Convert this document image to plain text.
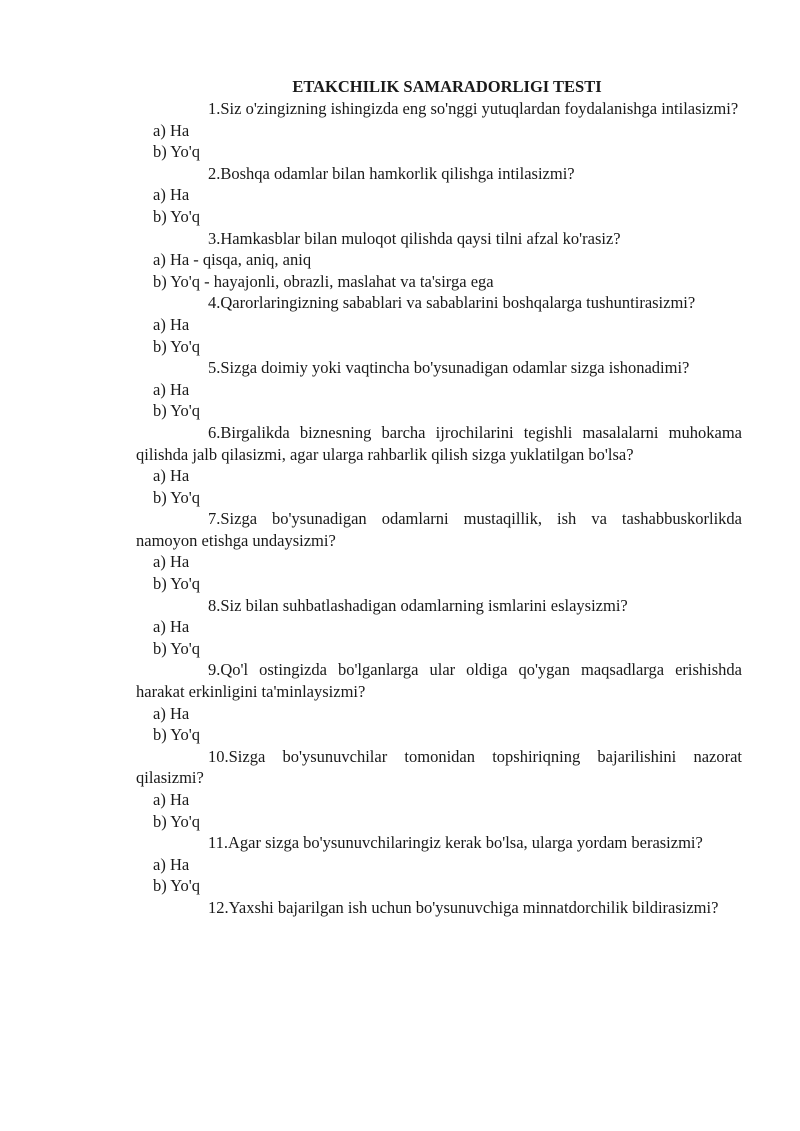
ETAKCHILIK SAMARADORLIGI TESTI

1.Siz o'zingizning ishingizda eng so'nggi yutuqlardan foydalanishga intilasizmi?

a) Ha

b) Yo'q

2.Boshqa odamlar bilan hamkorlik qilishga intilasizmi?

a) Ha

b) Yo'q

3.Hamkasblar bilan muloqot qilishda qaysi tilni afzal ko'rasiz?

a) Ha - qisqa, aniq, aniq

b) Yo'q - hayajonli, obrazli, maslahat va ta'sirga ega

4.Qarorlaringizning sabablari va sabablarini boshqalarga tushuntirasizmi?

a) Ha

b) Yo'q

5.Sizga doimiy yoki vaqtincha bo'ysunadigan odamlar sizga ishonadimi?

a) Ha

b) Yo'q

6.Birgalikda biznesning barcha ijrochilarini tegishli masalalarni muhokama qilishda jalb qilasizmi, agar ularga rahbarlik qilish sizga yuklatilgan bo'lsa?

a) Ha

b) Yo'q

7.Sizga bo'ysunadigan odamlarni mustaqillik, ish va tashabbuskorlikda namoyon etishga undaysizmi?

a) Ha

b) Yo'q

8.Siz bilan suhbatlashadigan odamlarning ismlarini eslaysizmi?

a) Ha

b) Yo'q

9.Qo'l ostingizda bo'lganlarga ular oldiga qo'ygan maqsadlarga erishishda harakat erkinligini ta'minlaysizmi?

a) Ha

b) Yo'q

10.Sizga bo'ysunuvchilar tomonidan topshiriqning bajarilishini nazorat qilasizmi?

a) Ha

b) Yo'q

11.Agar sizga bo'ysunuvchilaringiz kerak bo'lsa, ularga yordam berasizmi?

a) Ha

b) Yo'q

12.Yaxshi bajarilgan ish uchun bo'ysunuvchiga minnatdorchilik bildirasizmi?
